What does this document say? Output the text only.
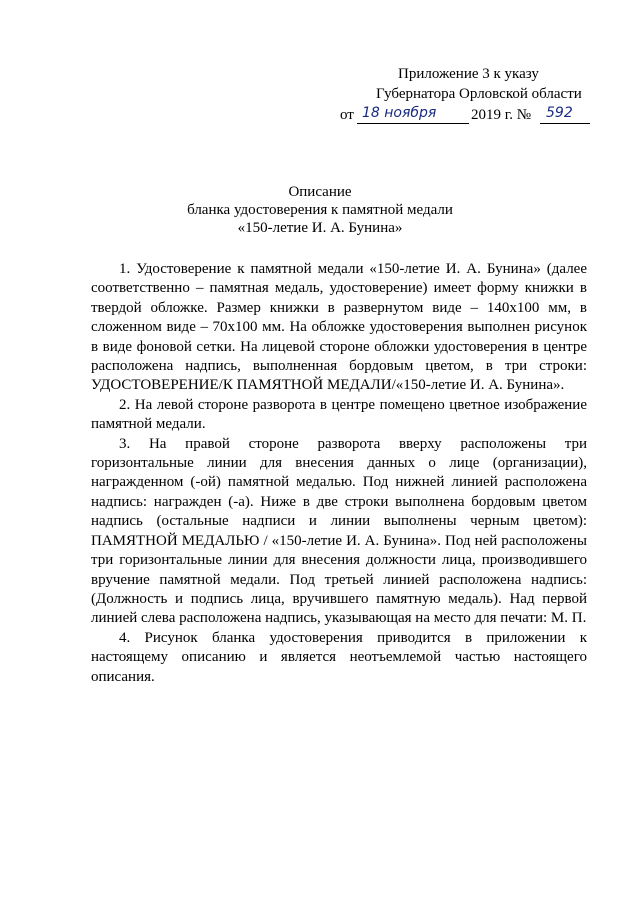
Приложение 3 к указу
Губернатора Орловской области
от 18 ноября 2019 г. № 592
Описание
бланка удостоверения к памятной медали
«150-летие И. А. Бунина»

1. Удостоверение к памятной медали «150-летие И. А. Бунина» (далее соответственно – памятная медаль, удостоверение) имеет форму книжки в твердой обложке. Размер книжки в развернутом виде – 140x100 мм, в сложенном виде – 70x100 мм. На обложке удостоверения выполнен рисунок в виде фоновой сетки. На лицевой стороне обложки удостоверения в центре расположена надпись, выполненная бордовым цветом, в три строки: УДОСТОВЕРЕНИЕ/К ПАМЯТНОЙ МЕДАЛИ/«150-летие И. А. Бунина».

2. На левой стороне разворота в центре помещено цветное изображение памятной медали.

3. На правой стороне разворота вверху расположены три горизонтальные линии для внесения данных о лице (организации), награжденном (-ой) памятной медалью. Под нижней линией расположена надпись: награжден (-а). Ниже в две строки выполнена бордовым цветом надпись (остальные надписи и линии выполнены черным цветом): ПАМЯТНОЙ МЕДАЛЬЮ / «150-летие И. А. Бунина». Под ней расположены три горизонтальные линии для внесения должности лица, производившего вручение памятной медали. Под третьей линией расположена надпись: (Должность и подпись лица, вручившего памятную медаль). Над первой линией слева расположена надпись, указывающая на место для печати: М. П.

4. Рисунок бланка удостоверения приводится в приложении к настоящему описанию и является неотъемлемой частью настоящего описания.
